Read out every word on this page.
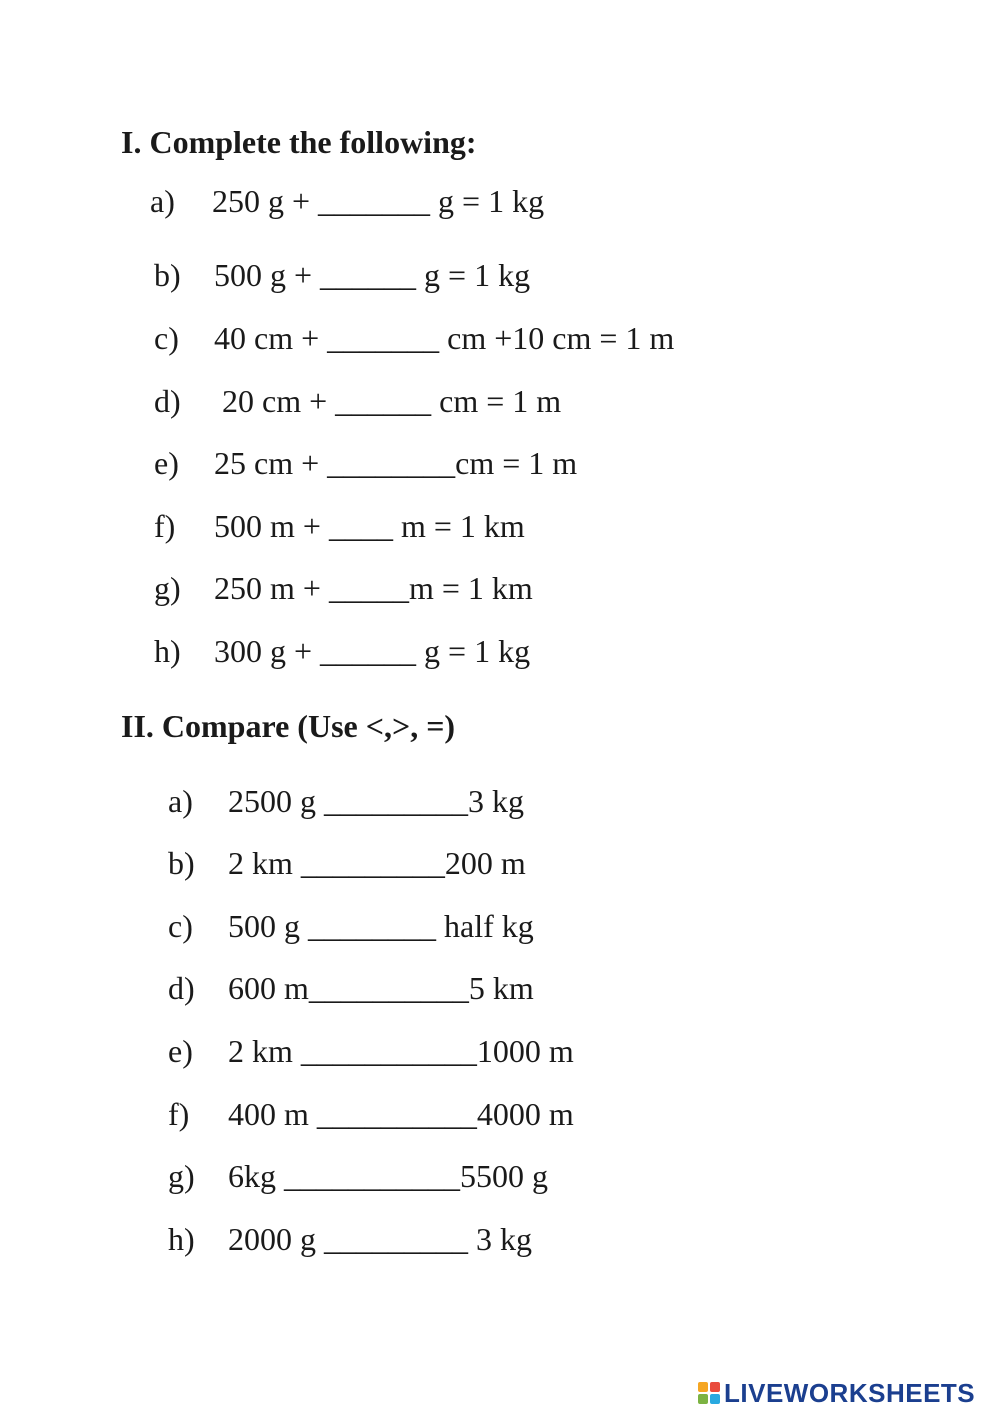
I. Complete the following:
a) 250 g + _______ g = 1 kg
b) 500 g + ______ g = 1 kg
c) 40 cm + _______ cm +10 cm = 1 m
d) 20 cm + ______ cm = 1 m
e) 25 cm + ________cm = 1 m
f) 500 m + ____ m = 1 km
g) 250 m + _____m = 1 km
h) 300 g + ______ g = 1 kg
II. Compare (Use <,>, =)
a) 2500 g _________3 kg
b) 2 km _________200 m
c) 500 g ________ half kg
d) 600 m__________5 km
e) 2 km ___________1000 m
f) 400 m __________4000 m
g) 6kg ___________5500 g
h) 2000 g _________ 3 kg
LIVEWORKSHEETS
